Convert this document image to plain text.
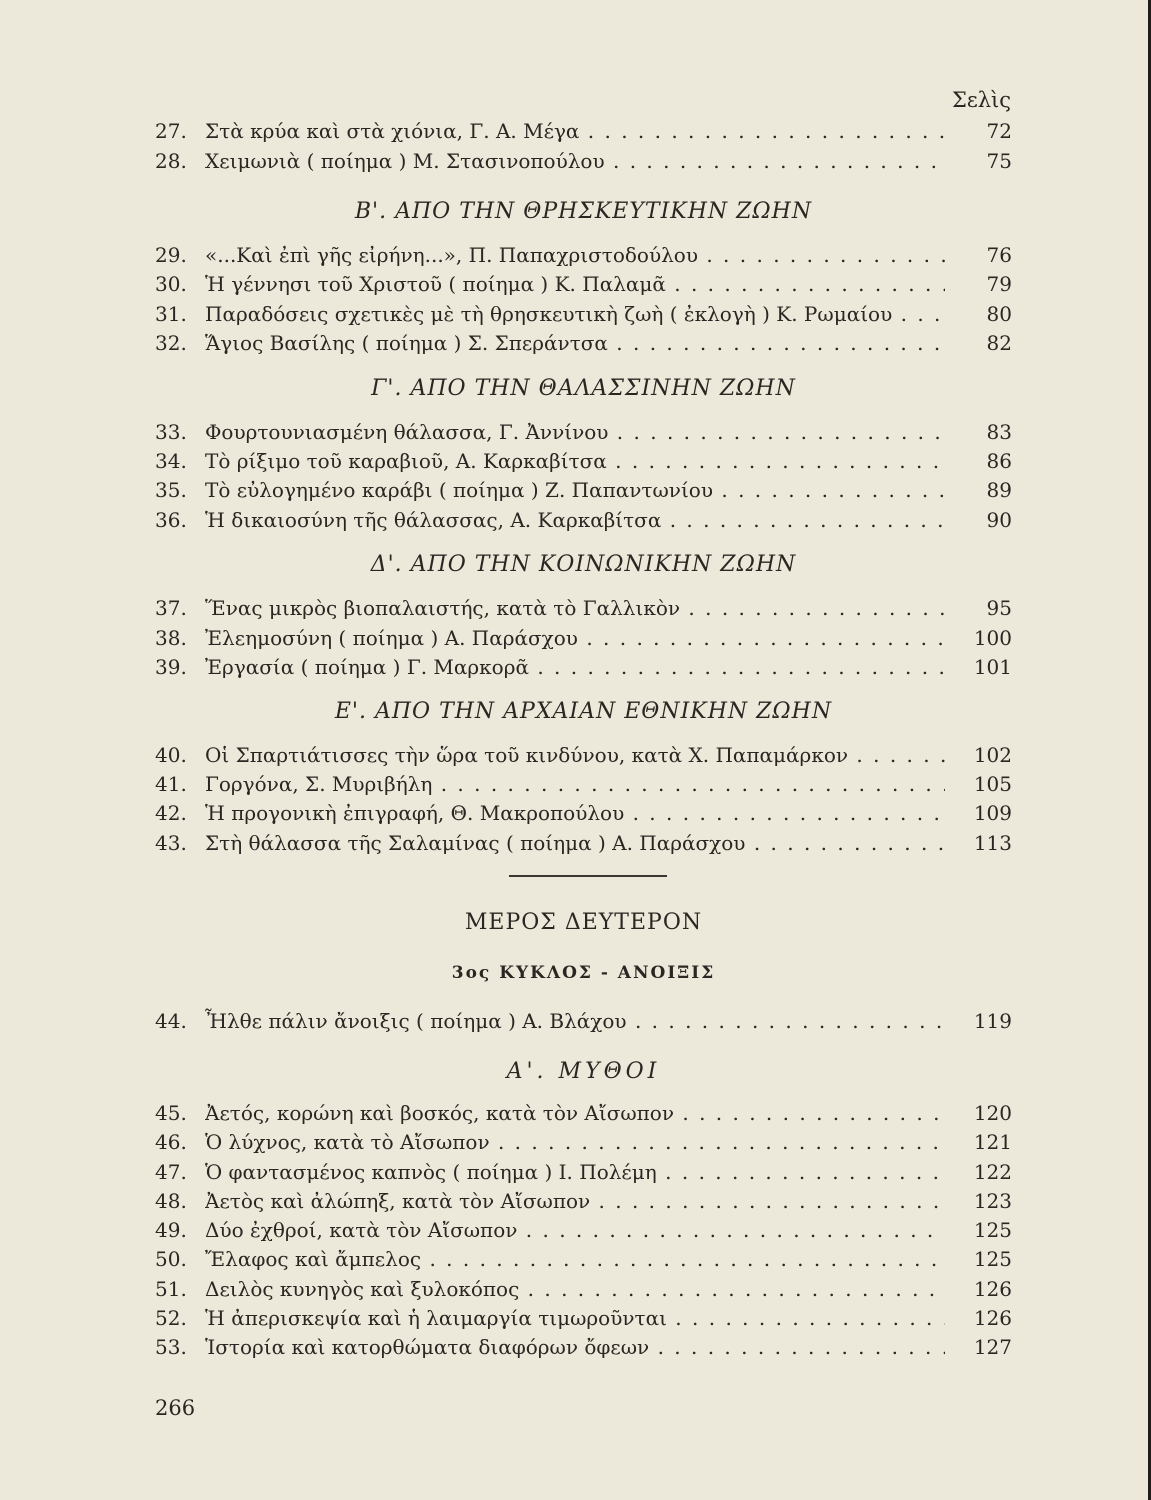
Σελὶς
27. Στὰ κρύα καὶ στὰ χιόνια, Γ. Α. Μέγα . . .	72
28. Χειμωνιὰ ( ποίημα ) Μ. Στασινοπούλου . . .	75
Β'. ΑΠΟ ΤΗΝ ΘΡΗΣΚΕΥΤΙΚΗΝ ΖΩΗΝ
29. «...Καὶ ἐπὶ γῆς εἰρήνη...», Π. Παπαχριστοδούλου . . .	76
30. Ἡ γέννησι τοῦ Χριστοῦ ( ποίημα ) Κ. Παλαμᾶ . . .	79
31. Παραδόσεις σχετικὲς μὲ τὴ θρησκευτικὴ ζωὴ ( ἐκλογὴ ) Κ. Ρωμαίου . . .	80
32. Ἅγιος Βασίλης ( ποίημα ) Σ. Σπεράντσα . . .	82
Γ'. ΑΠΟ ΤΗΝ ΘΑΛΑΣΣΙΝΗΝ ΖΩΗΝ
33. Φουρτουνιασμένη θάλασσα, Γ. Ἀννίνου . . .	83
34. Τὸ ρίξιμο τοῦ καραβιοῦ, Α. Καρκαβίτσα . . .	86
35. Τὸ εὐλογημένο καράβι ( ποίημα ) Ζ. Παπαντωνίου . . .	89
36. Ἡ δικαιοσύνη τῆς θάλασσας, Α. Καρκαβίτσα . . .	90
Δ'. ΑΠΟ ΤΗΝ ΚΟΙΝΩΝΙΚΗΝ ΖΩΗΝ
37. Ἕνας μικρὸς βιοπαλαιστής, κατὰ τὸ Γαλλικὸν . . .	95
38. Ἐλεημοσύνη ( ποίημα ) Α. Παράσχου . . .	100
39. Ἐργασία ( ποίημα ) Γ. Μαρκορᾶ . . .	101
Ε'. ΑΠΟ ΤΗΝ ΑΡΧΑΙΑΝ ΕΘΝΙΚΗΝ ΖΩΗΝ
40. Οἱ Σπαρτιάτισσες τὴν ὥρα τοῦ κινδύνου, κατὰ Χ. Παπαμάρκον . . .	102
41. Γοργόνα, Σ. Μυριβήλη . . .	105
42. Ἡ προγονικὴ ἐπιγραφή, Θ. Μακροπούλου . . .	109
43. Στὴ θάλασσα τῆς Σαλαμίνας ( ποίημα ) Α. Παράσχου . . .	113
ΜΕΡΟΣ ΔΕΥΤΕΡΟΝ
3ος ΚΥΚΛΟΣ - ΑΝΟΙΞΙΣ
44. Ἦλθε πάλιν ἄνοιξις ( ποίημα ) Α. Βλάχου . . .	119
Α'. ΜΥΘΟΙ
45. Ἀετός, κορώνη καὶ βοσκός, κατὰ τὸν Αἴσωπον . . .	120
46. Ὁ λύχνος, κατὰ τὸ Αἴσωπον . . .	121
47. Ὁ φαντασμένος καπνὸς ( ποίημα ) Ι. Πολέμη . . .	122
48. Ἀετὸς καὶ ἀλώπηξ, κατὰ τὸν Αἴσωπον . . .	123
49. Δύο ἐχθροί, κατὰ τὸν Αἴσωπον . . .	125
50. Ἔλαφος καὶ ἄμπελος . . .	125
51. Δειλὸς κυνηγὸς καὶ ξυλοκόπος . . .	126
52. Ἡ ἀπερισκεψία καὶ ἡ λαιμαργία τιμωροῦνται . . .	126
53. Ἱστορία καὶ κατορθώματα διαφόρων ὄφεων . . .	127
266
